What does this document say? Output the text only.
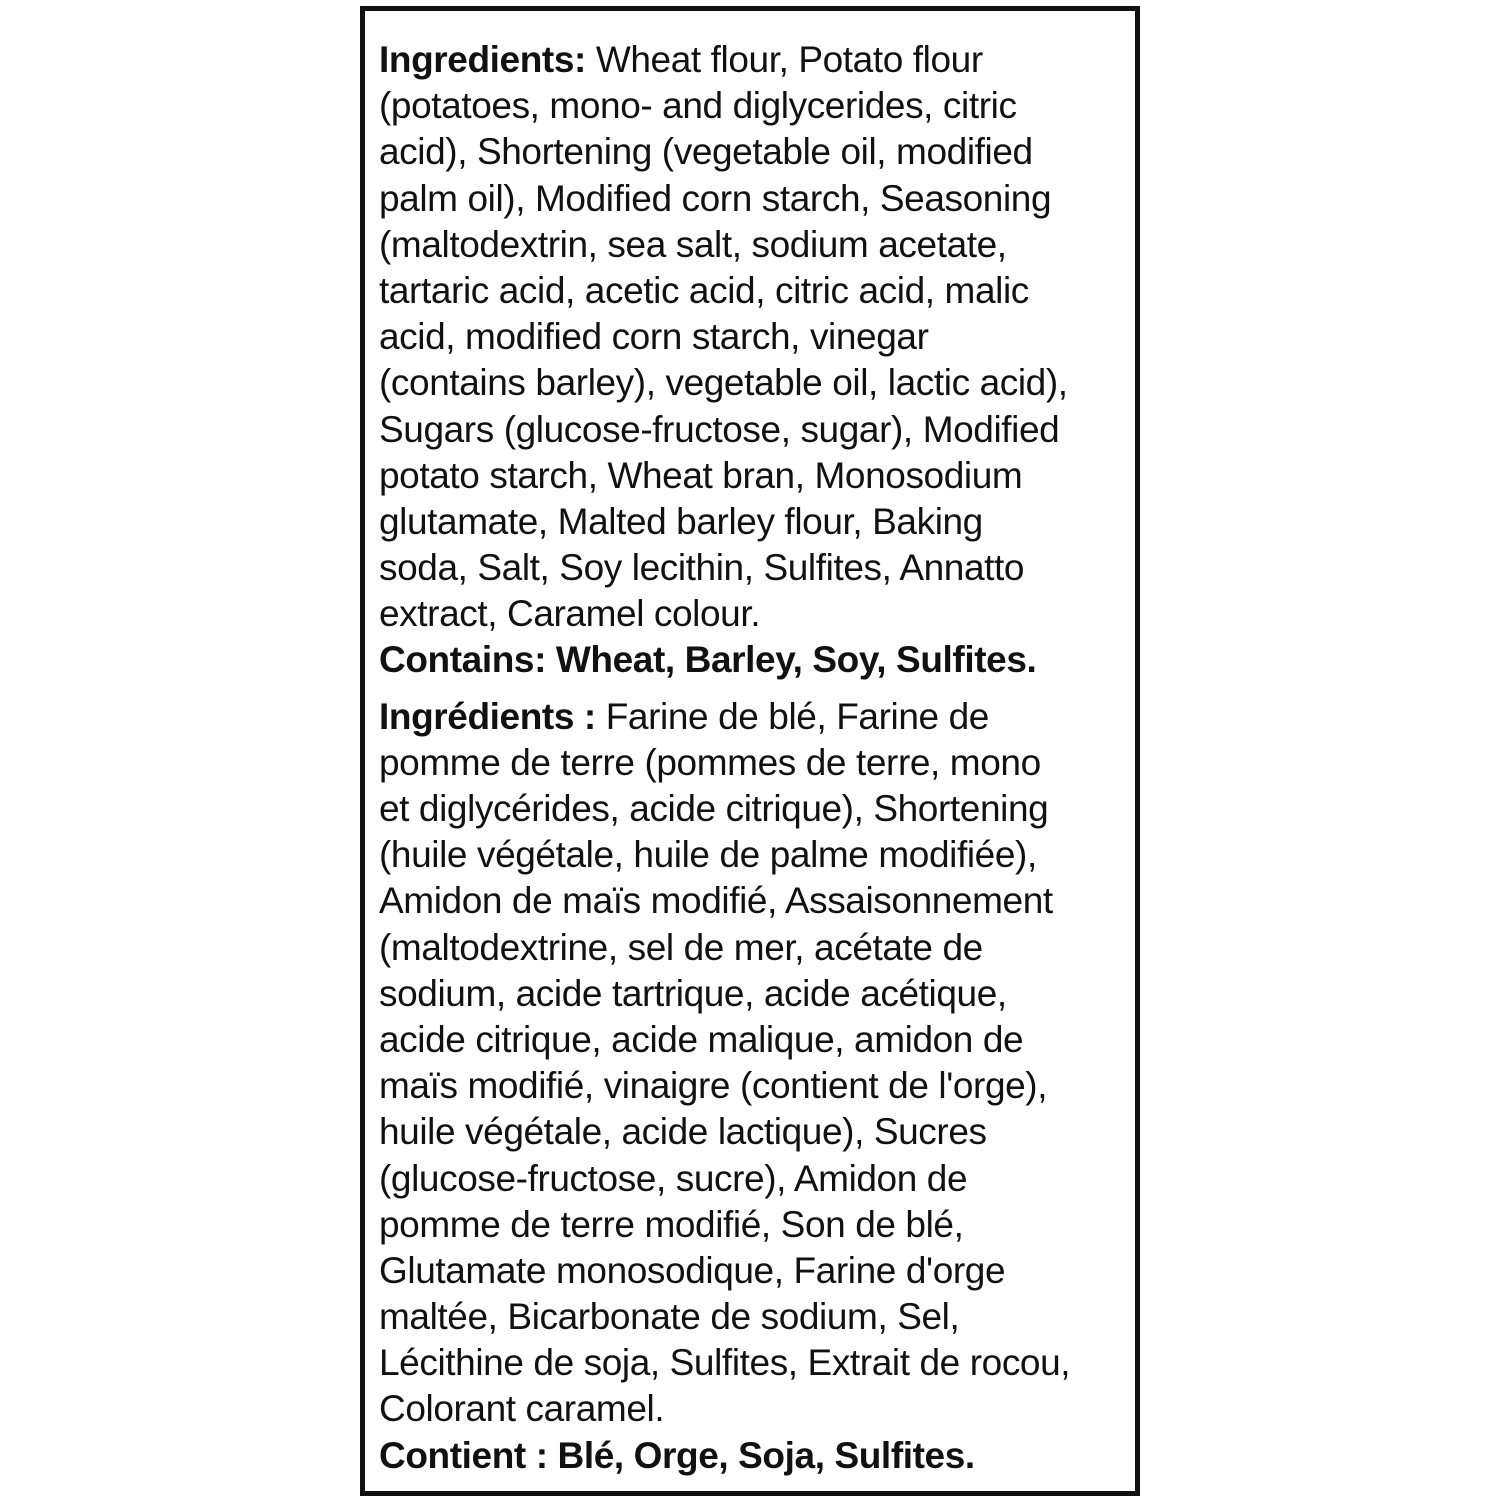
Ingredients: Wheat flour, Potato flour
(potatoes, mono- and diglycerides, citric
acid), Shortening (vegetable oil, modified
palm oil), Modified corn starch, Seasoning
(maltodextrin, sea salt, sodium acetate,
tartaric acid, acetic acid, citric acid, malic
acid, modified corn starch, vinegar
(contains barley), vegetable oil, lactic acid),
Sugars (glucose-fructose, sugar), Modified
potato starch, Wheat bran, Monosodium
glutamate, Malted barley flour, Baking
soda, Salt, Soy lecithin, Sulfites, Annatto
extract, Caramel colour.
Contains: Wheat, Barley, Soy, Sulfites.
Ingrédients : Farine de blé, Farine de
pomme de terre (pommes de terre, mono
et diglycérides, acide citrique), Shortening
(huile végétale, huile de palme modifiée),
Amidon de maïs modifié, Assaisonnement
(maltodextrine, sel de mer, acétate de
sodium, acide tartrique, acide acétique,
acide citrique, acide malique, amidon de
maïs modifié, vinaigre (contient de l'orge),
huile végétale, acide lactique), Sucres
(glucose-fructose, sucre), Amidon de
pomme de terre modifié, Son de blé,
Glutamate monosodique, Farine d'orge
maltée, Bicarbonate de sodium, Sel,
Lécithine de soja, Sulfites, Extrait de rocou,
Colorant caramel.
Contient : Blé, Orge, Soja, Sulfites.
